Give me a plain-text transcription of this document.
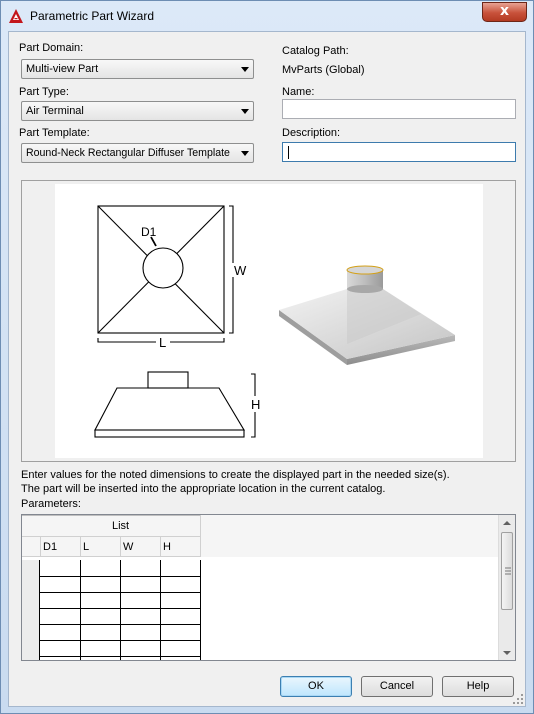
Parametric Part Wizard	x
Part Domain:
Multi-view Part
Part Type:
Air Terminal
Part Template:
Round-Neck Rectangular Diffuser Template
Catalog Path:
MvParts (Global)
Name:
Description:
D1
W
L
H
Enter values for the noted dimensions to create the displayed part in the needed size(s).
The part will be inserted into the appropriate location in the current catalog.
Parameters:
List
D1 L	W	H
OK	Cancel	Help
